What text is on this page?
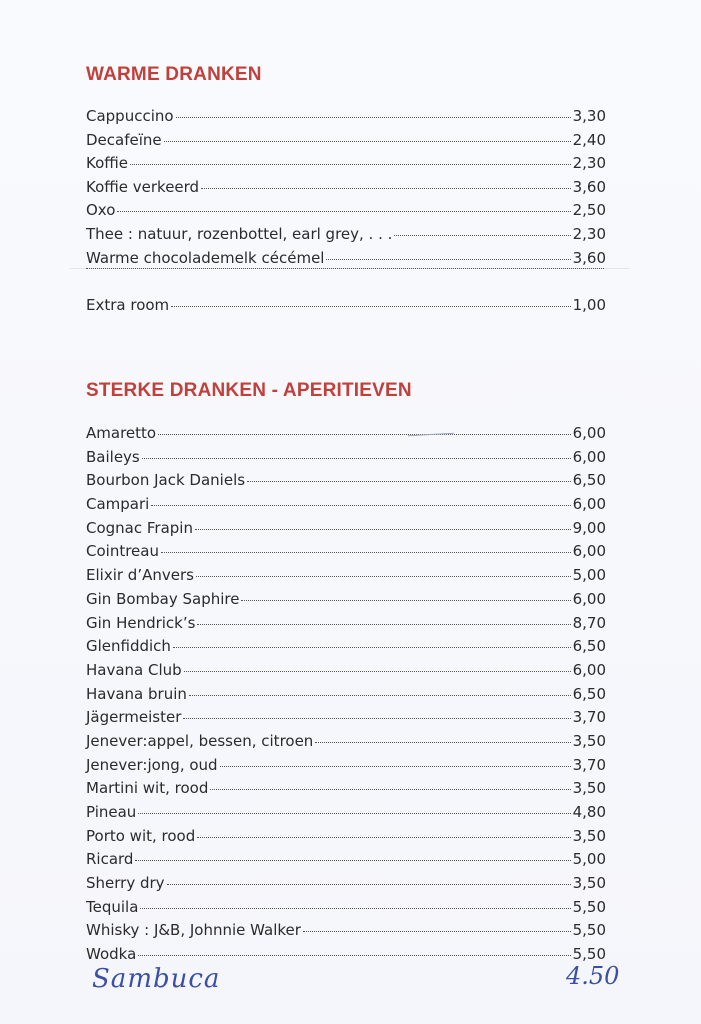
WARME DRANKEN
Cappuccino	3,30
Decafeïne	2,40
Koffie	2,30
Koffie verkeerd	3,60
Oxo	2,50
Thee : natuur, rozenbottel, earl grey, . . .	2,30
Warme chocolademelk cécémel	3,60
Extra room	1,00
STERKE DRANKEN - APERITIEVEN
Amaretto	6,00
Baileys	6,00
Bourbon Jack Daniels	6,50
Campari	6,00
Cognac Frapin	9,00
Cointreau	6,00
Elixir d’Anvers	5,00
Gin Bombay Saphire	6,00
Gin Hendrick’s	8,70
Glenfiddich	6,50
Havana Club	6,00
Havana bruin	6,50
Jägermeister	3,70
Jenever:appel, bessen, citroen	3,50
Jenever:jong, oud	3,70
Martini wit, rood	3,50
Pineau	4,80
Porto wit, rood	3,50
Ricard	5,00
Sherry dry	3,50
Tequila	5,50
Whisky : J&B, Johnnie Walker	5,50
Wodka	5,50
Sambuca	4.50
